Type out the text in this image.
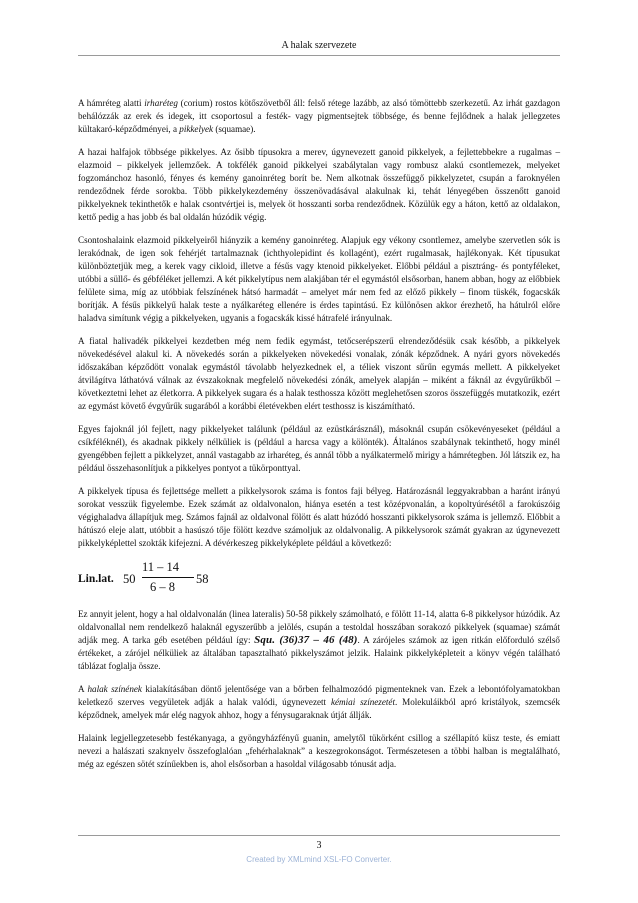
A halak szervezete

A hámréteg alatti irharéteg (corium) rostos kötőszövetből áll: felső rétege lazább, az alsó tömöttebb szerkezetű. Az irhát gazdagon behálózzák az erek és idegek, itt csoportosul a festék- vagy pigmentsejtek többsége, és benne fejlődnek a halak jellegzetes kültakaró-képződményei, a pikkelyek (squamae).

A hazai halfajok többsége pikkelyes. Az ősibb típusokra a merev, úgynevezett ganoid pikkelyek, a fejlettebbekre a rugalmas – elazmoid – pikkelyek jellemzőek. A tokfélék ganoid pikkelyei szabálytalan vagy rombusz alakú csontlemezek, melyeket fogzománchoz hasonló, fényes és kemény ganoinréteg borít be. Nem alkotnak összefüggő pikkelyzetet, csupán a faroknyélen rendeződnek férde sorokba. Több pikkelykezdemény összenövadásával alakulnak ki, tehát lényegében összenőtt ganoid pikkelyeknek tekinthetők e halak csontvértjei is, melyek öt hosszanti sorba rendeződnek. Közülük egy a háton, kettő az oldalakon, kettő pedig a has jobb és bal oldalán húzódik végig.

Csontoshalaink elazmoid pikkelyeiről hiányzik a kemény ganoinréteg. Alapjuk egy vékony csontlemez, amelybe szervetlen sók is lerakódnak, de igen sok fehérjét tartalmaznak (ichthyolepidint és kollagént), ezért rugalmasak, hajlékonyak. Két típusukat különböztetjük meg, a kerek vagy cikloid, illetve a fésűs vagy ktenoid pikkelyeket. Előbbi például a pisztráng- és pontyféleket, utóbbi a süllő- és gébféléket jellemzi. A két pikkelytípus nem alakjában tér el egymástól elsősorban, hanem abban, hogy az előbbiek felülete sima, míg az utóbbiak felszínének hátsó harmadát – amelyet már nem fed az előző pikkely – finom tüskék, fogacskák borítják. A fésűs pikkelyű halak teste a nyálkaréteg ellenére is érdes tapintású. Ez különösen akkor érezhető, ha hátulról előre haladva simítunk végig a pikkelyeken, ugyanis a fogacskák kissé hátrafelé irányulnak.

A fiatal halivadék pikkelyei kezdetben még nem fedik egymást, tetőcserépszerű elrendeződésük csak később, a pikkelyek növekedésével alakul ki. A növekedés során a pikkelyeken növekedési vonalak, zónák képződnek. A nyári gyors növekedés időszakában képződött vonalak egymástól távolabb helyezkednek el, a téliek viszont sűrűn egymás mellett. A pikkelyeket átvilágítva láthatóvá válnak az évszakoknak megfelelő növekedési zónák, amelyek alapján – miként a fáknál az évgyűrűkből – következtetni lehet az életkorra. A pikkelyek sugara és a halak testhossza között meglehetősen szoros összefüggés mutatkozik, ezért az egymást követő évgyűrűk sugarából a korábbi életévekben elért testhossz is kiszámítható.

Egyes fajoknál jól fejlett, nagy pikkelyeket találunk (például az ezüstkárásznál), másoknál csupán csökevényeseket (például a csíkféléknél), és akadnak pikkely nélküliek is (például a harcsa vagy a kölönték). Általános szabálynak tekinthető, hogy minél gyengébben fejlett a pikkelyzet, annál vastagabb az irharéteg, és annál több a nyálkatermelő mirigy a hámrétegben. Jól látszik ez, ha például összehasonlítjuk a pikkelyes pontyot a tükörponttyal.

A pikkelyek típusa és fejlettsége mellett a pikkelysorok száma is fontos faji bélyeg. Határozásnál leggyakrabban a haránt irányú sorokat vesszük figyelembe. Ezek számát az oldalvonalon, hiánya esetén a test középvonalán, a kopoltyúrésétől a farokúszóig végighaladva állapítjuk meg. Számos fajnál az oldalvonal fölött és alatt húzódó hosszanti pikkelysorok száma is jellemző. Előbbit a hátúszó eleje alatt, utóbbit a hasúszó tője fölött kezdve számoljuk az oldalvonalig. A pikkelysorok számát gyakran az úgynevezett pikkelyképlettel szokták kifejezni. A dévérkeszeg pikkelyképlete például a következő:

Lin.lat. 50
11 – 14
6 – 8
58

Ez annyit jelent, hogy a hal oldalvonalán (linea lateralis) 50-58 pikkely számolható, e fölött 11-14, alatta 6-8 pikkelysor húzódik. Az oldalvonallal nem rendelkező halaknál egyszerűbb a jelölés, csupán a testoldal hosszában sorakozó pikkelyek (squamae) számát adják meg. A tarka géb esetében például így: Squ. (36)37 – 46 (48). A zárójeles számok az igen ritkán előforduló szélső értékeket, a zárójel nélküliek az általában tapasztalható pikkelyszámot jelzik. Halaink pikkelyképleteit a könyv végén található táblázat foglalja össze.

A halak színének kialakításában döntő jelentősége van a bőrben felhalmozódó pigmenteknek van. Ezek a lebontófolyamatokban keletkező szerves vegyületek adják a halak valódi, úgynevezett kémiai színezetét. Molekuláikból apró kristályok, szemcsék képződnek, amelyek már elég nagyok ahhoz, hogy a fénysugaraknak útját állják.

Halaink legjellegzetesebb festékanyaga, a gyöngyházfényű guanin, amelytől tükörként csillog a széllapító küsz teste, és emiatt nevezi a halászati szaknyelv összefoglalóan „fehérhalaknak” a keszegrokonságot. Természetesen a többi halban is megtalálható, még az egészen sötét színűekben is, ahol elsősorban a hasoldal világosabb tónusát adja.

3
Created by XMLmind XSL-FO Converter.
